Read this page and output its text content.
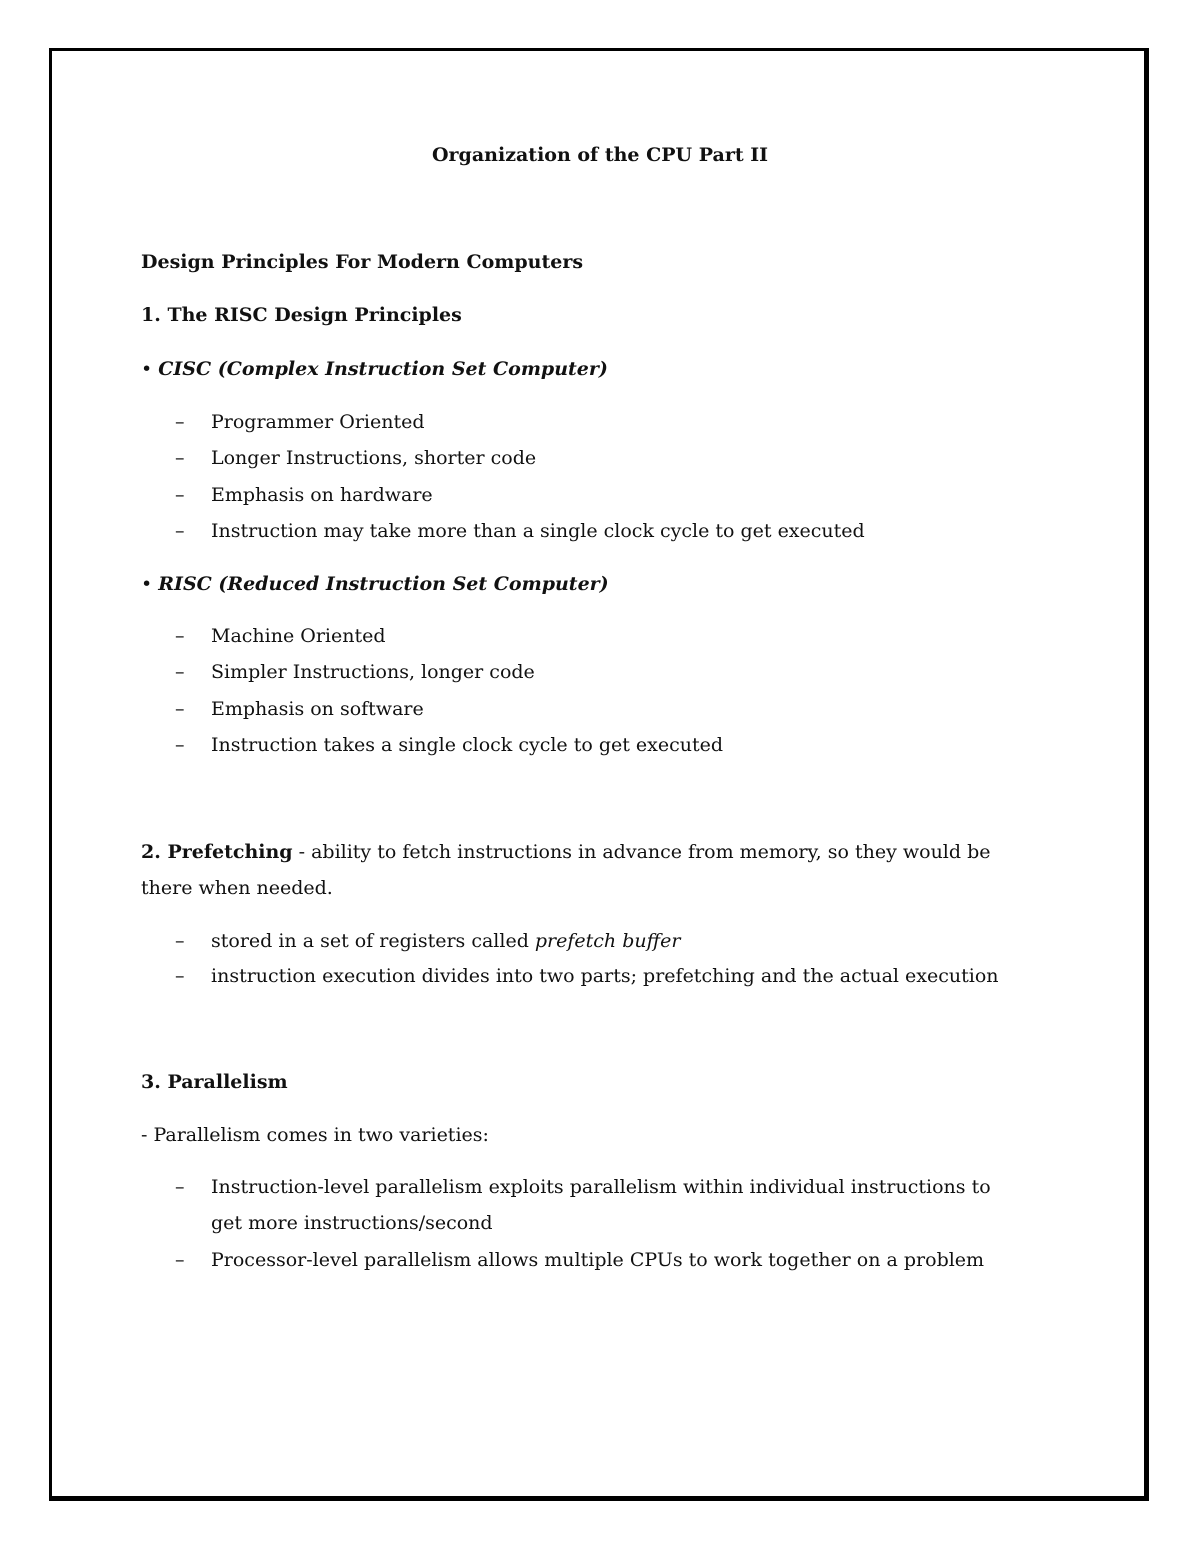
Organization of the CPU Part II
Design Principles For Modern Computers
1. The RISC Design Principles
• CISC (Complex Instruction Set Computer)
– Programmer Oriented
– Longer Instructions, shorter code
– Emphasis on hardware
– Instruction may take more than a single clock cycle to get executed
• RISC (Reduced Instruction Set Computer)
– Machine Oriented
– Simpler Instructions, longer code
– Emphasis on software
– Instruction takes a single clock cycle to get executed
2. Prefetching - ability to fetch instructions in advance from memory, so they would be
there when needed.
– stored in a set of registers called prefetch buffer
– instruction execution divides into two parts; prefetching and the actual execution
3. Parallelism
- Parallelism comes in two varieties:
– Instruction-level parallelism exploits parallelism within individual instructions to
get more instructions/second
– Processor-level parallelism allows multiple CPUs to work together on a problem
